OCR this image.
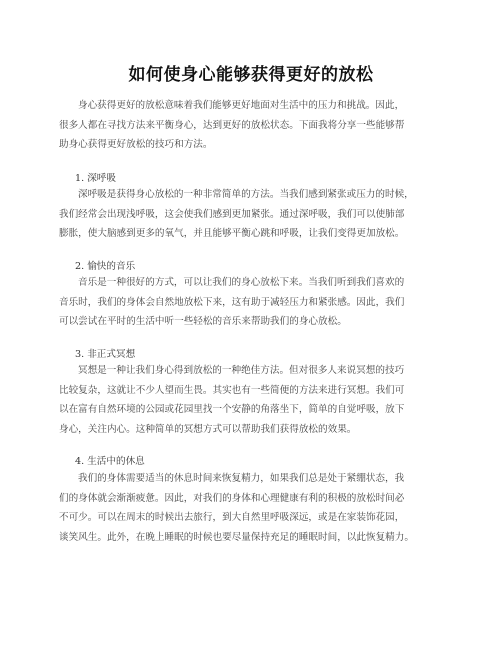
如何使身心能够获得更好的放松

身心获得更好的放松意味着我们能够更好地面对生活中的压力和挑战。因此，
很多人都在寻找方法来平衡身心，达到更好的放松状态。下面我将分享一些能够帮
助身心获得更好放松的技巧和方法。

1. 深呼吸

深呼吸是获得身心放松的一种非常简单的方法。当我们感到紧张或压力的时候，
我们经常会出现浅呼吸，这会使我们感到更加紧张。通过深呼吸，我们可以使肺部
膨胀，使大脑感到更多的氧气，并且能够平衡心跳和呼吸，让我们变得更加放松。

2. 愉快的音乐

音乐是一种很好的方式，可以让我们的身心放松下来。当我们听到我们喜欢的
音乐时，我们的身体会自然地放松下来，这有助于减轻压力和紧张感。因此，我们
可以尝试在平时的生活中听一些轻松的音乐来帮助我们的身心放松。

3. 非正式冥想

冥想是一种让我们身心得到放松的一种绝佳方法。但对很多人来说冥想的技巧
比较复杂，这就让不少人望而生畏。其实也有一些简便的方法来进行冥想。我们可
以在富有自然环境的公园或花园里找一个安静的角落坐下，简单的自觉呼吸，放下
身心，关注内心。这种简单的冥想方式可以帮助我们获得放松的效果。

4. 生活中的休息

我们的身体需要适当的休息时间来恢复精力，如果我们总是处于紧绷状态，我
们的身体就会渐渐疲惫。因此，对我们的身体和心理健康有利的积极的放松时间必
不可少。可以在周末的时候出去旅行，到大自然里呼吸深远，或是在家装饰花园，
谈笑风生。此外，在晚上睡眠的时候也要尽量保持充足的睡眠时间，以此恢复精力。
